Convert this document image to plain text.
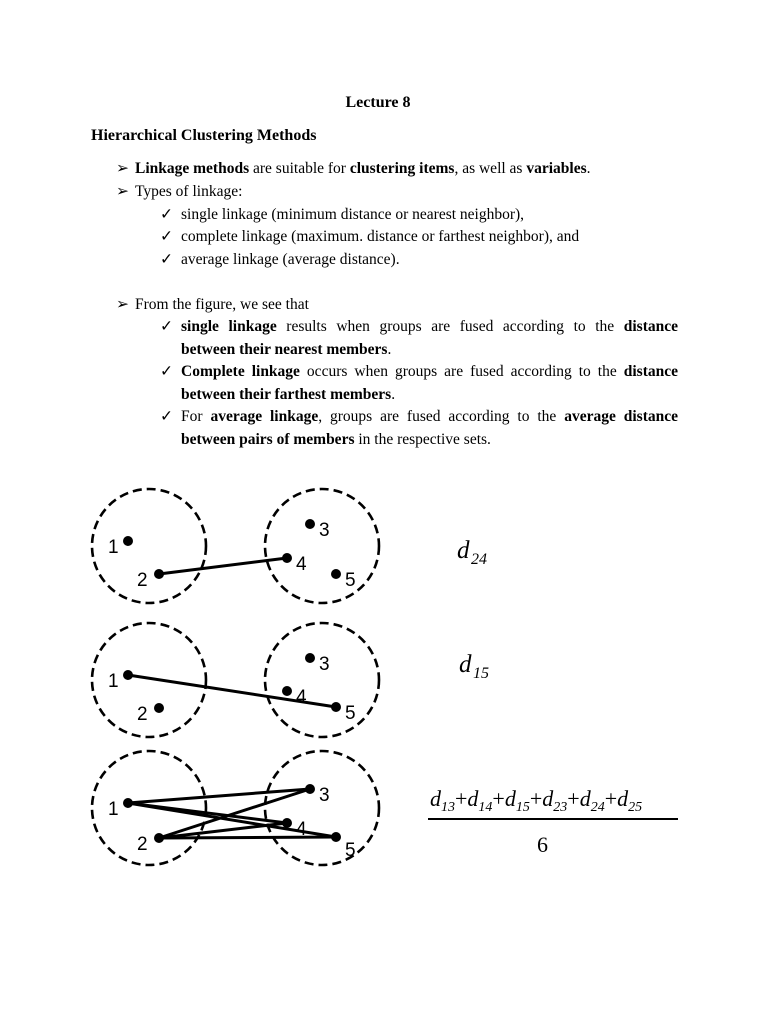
Lecture 8
Hierarchical Clustering Methods
➢ Linkage methods are suitable for clustering items, as well as variables.
➢ Types of linkage:
✓ single linkage (minimum distance or nearest neighbor),
✓ complete linkage (maximum. distance or farthest neighbor), and
✓ average linkage (average distance).
➢ From the figure, we see that
✓ single linkage results when groups are fused according to the distance between their nearest members.
✓ Complete linkage occurs when groups are fused according to the distance between their farthest members.
✓ For average linkage, groups are fused according to the average distance between pairs of members in the respective sets.
1
2
3
4
5
d 24
1
2
3
4
5
d 15
1
2
3
4
5
$d_{13}+d_{14}+d_{15}+d_{23}+d_{24}+d_{25}$
6
